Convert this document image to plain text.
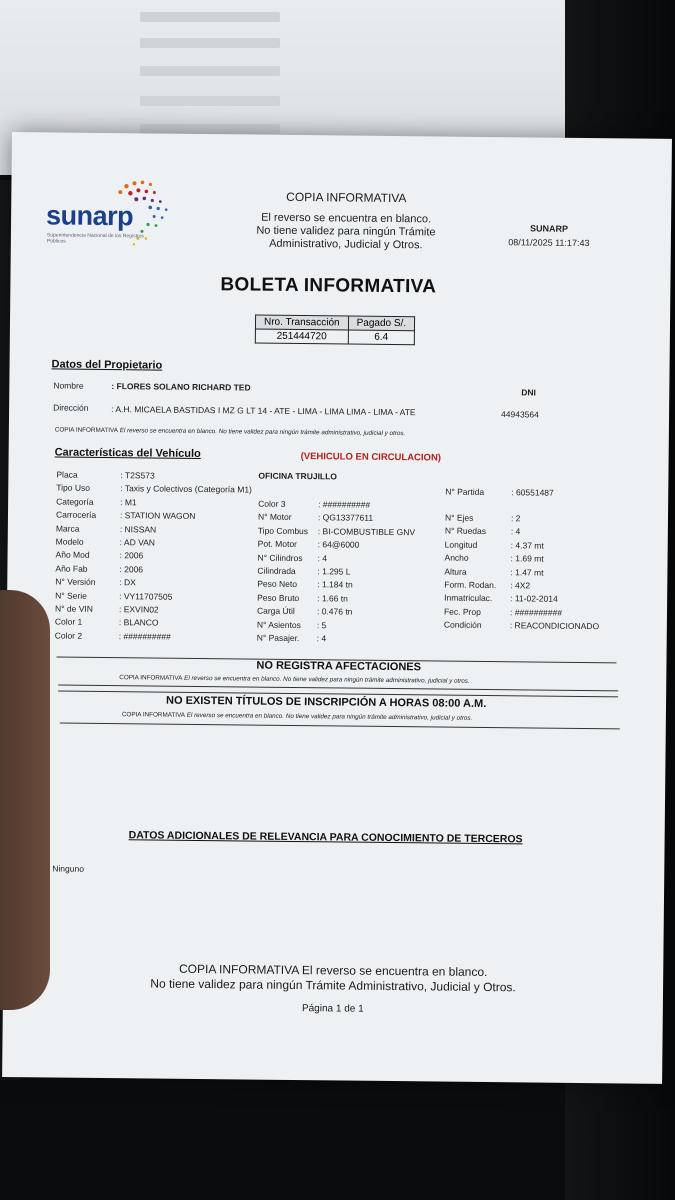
sunarp
Superintendencia Nacional de los Registros Públicos
COPIA INFORMATIVA
El reverso se encuentra en blanco.
No tiene validez para ningún Trámite
Administrativo, Judicial y Otros.
SUNARP
08/11/2025 11:17:43
BOLETA INFORMATIVA
Nro. Transacción	Pagado S/.
251444720	6.4
Datos del Propietario
Nombre	: FLORES SOLANO RICHARD TED	DNI
Dirección	: A.H. MICAELA BASTIDAS I MZ G LT 14 - ATE - LIMA - LIMA LIMA - LIMA - ATE	44943564
COPIA INFORMATIVA El reverso se encuentra en blanco. No tiene validez para ningún trámite administrativo, judicial y otros.
Características del Vehículo	(VEHICULO EN CIRCULACION)
OFICINA TRUJILLO
Placa	: T2S573
Tipo Uso	: Taxis y Colectivos (Categoría M1)
Categoría	: M1
Carrocería	: STATION WAGON
Marca	: NISSAN
Modelo	: AD VAN
Año Mod	: 2006
Año Fab	: 2006
N° Versión	: DX
N° Serie	: VY11707505
N° de VIN	: EXVIN02
Color 1	: BLANCO
Color 2	: ##########
Color 3	: ##########
N° Motor	: QG13377611
Tipo Combus : BI-COMBUSTIBLE GNV
Pot. Motor : 64@6000
N° Cilindros : 4
Cilindrada	: 1.295 L
Peso Neto : 1.184 tn
Peso Bruto : 1.66 tn
Carga Útil	: 0.476 tn
N° Asientos : 5
N° Pasajer. : 4
N° Partida	: 60551487
N° Ejes	: 2
N° Ruedas	: 4
Longitud	: 4.37 mt
Ancho	: 1.69 mt
Altura	: 1.47 mt
Form. Rodan. : 4X2
Inmatriculac. : 11-02-2014
Fec. Prop	: ##########
Condición	: REACONDICIONADO
NO REGISTRA AFECTACIONES
COPIA INFORMATIVA El reverso se encuentra en blanco. No tiene validez para ningún trámite administrativo, judicial y otros.
NO EXISTEN TÍTULOS DE INSCRIPCIÓN A HORAS 08:00 A.M.
COPIA INFORMATIVA El reverso se encuentra en blanco. No tiene validez para ningún trámite administrativo, judicial y otros.
DATOS ADICIONALES DE RELEVANCIA PARA CONOCIMIENTO DE TERCEROS
Ninguno
COPIA INFORMATIVA El reverso se encuentra en blanco.
No tiene validez para ningún Trámite Administrativo, Judicial y Otros.
Página 1 de 1
